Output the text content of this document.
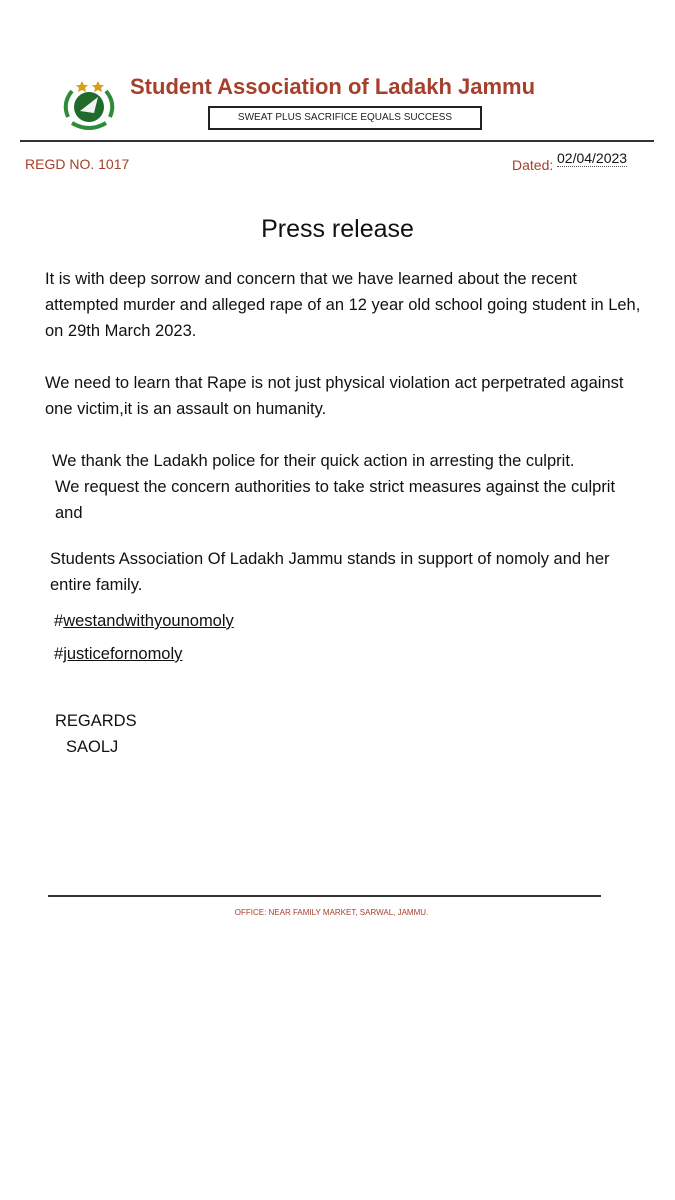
Student Association of Ladakh Jammu
SWEAT PLUS SACRIFICE EQUALS SUCCESS
REGD NO. 1017	Dated: 02/04/2023
Press release

It is with deep sorrow and concern that we have learned about the recent attempted murder and alleged rape of an 12 year old school going student in Leh, on 29th March 2023.

We need to learn that Rape is not just physical violation act perpetrated against one victim,it is an assault on humanity.

We thank the Ladakh police for their quick action in arresting the culprit.

We request the concern authorities to take strict measures against the culprit and

Students Association Of Ladakh Jammu stands in support of nomoly and her entire family.

#westandwithyounomoly
#justicefornomoly
REGARDS
SAOLJ
OFFICE: NEAR FAMILY MARKET, SARWAL, JAMMU.
